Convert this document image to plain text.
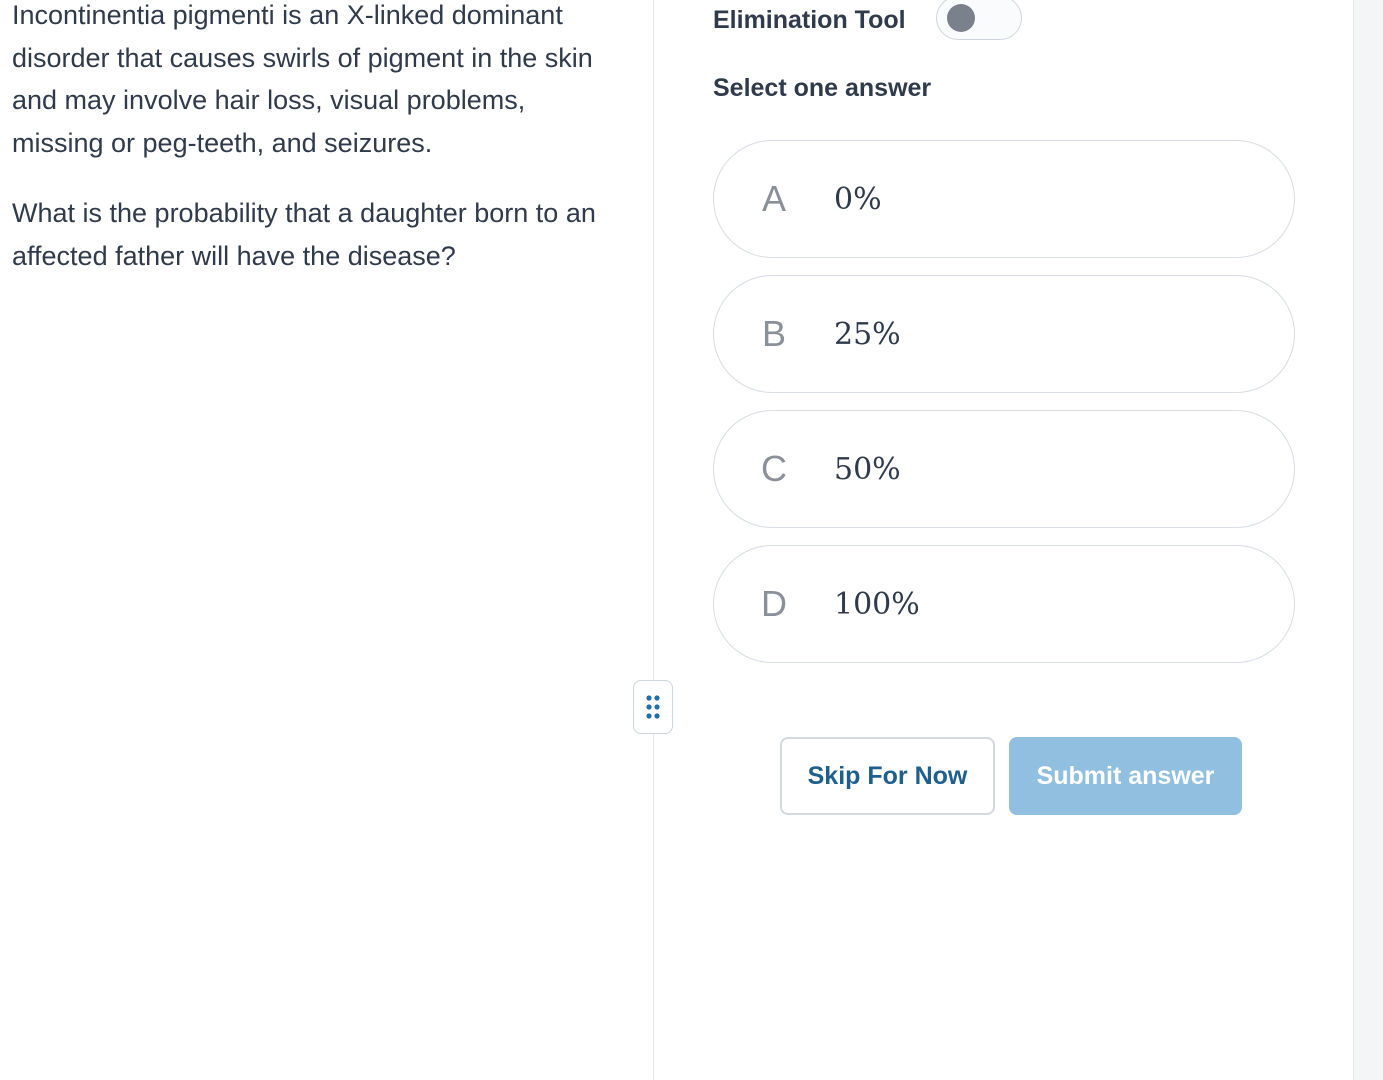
Incontinentia pigmenti is an X-linked dominant disorder that causes swirls of pigment in the skin and may involve hair loss, visual problems, missing or peg-teeth, and seizures.

What is the probability that a daughter born to an affected father will have the disease?

Elimination Tool

Select one answer

A	0%
B	25%
C	50%
D	100%
Skip For Now	Submit answer
